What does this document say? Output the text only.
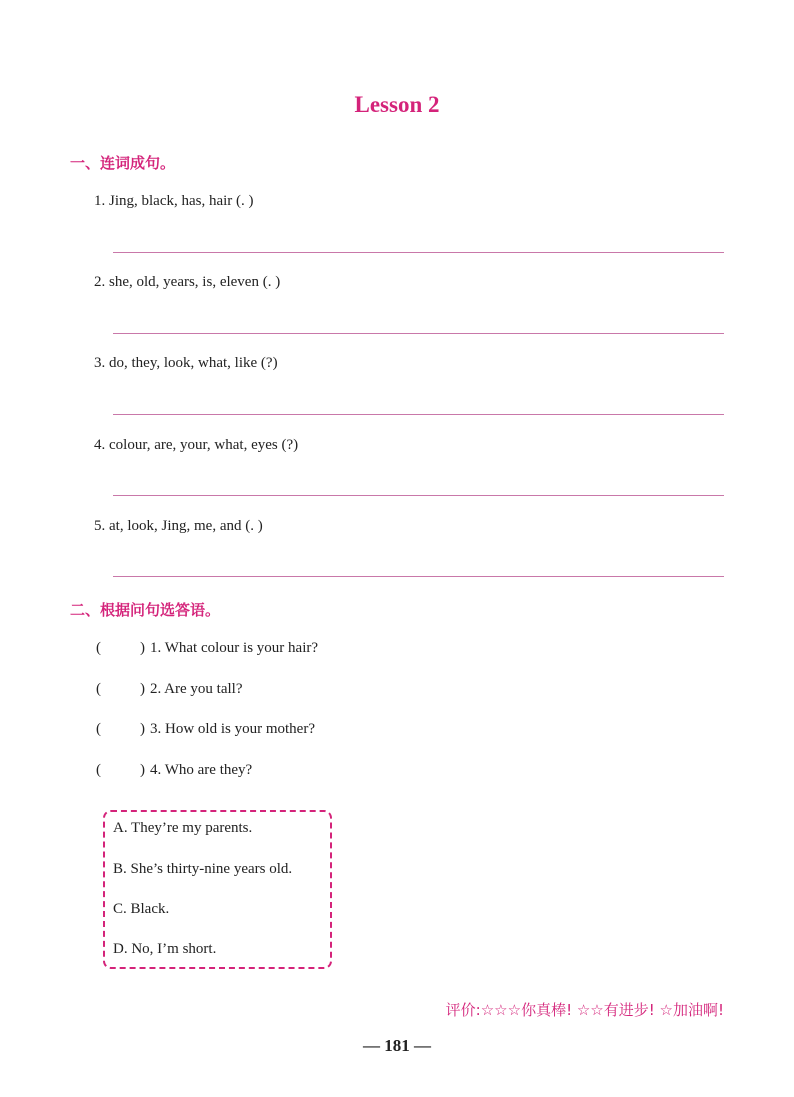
Lesson 2
一、连词成句。
1. Jing, black, has, hair (. )
2. she, old, years, is, eleven (. )
3. do, they, look, what, like (?)
4. colour, are, your, what, eyes (?)
5. at, look, Jing, me, and (. )
二、根据问句选答语。
(	) 1. What colour is your hair?
(	) 2. Are you tall?
(	) 3. How old is your mother?
(	) 4. Who are they?
A. They’re my parents.
B. She’s thirty-nine years old.
C. Black.
D. No, I’m short.
评价:☆☆☆你真棒! ☆☆有进步! ☆加油啊!
— 181 —
